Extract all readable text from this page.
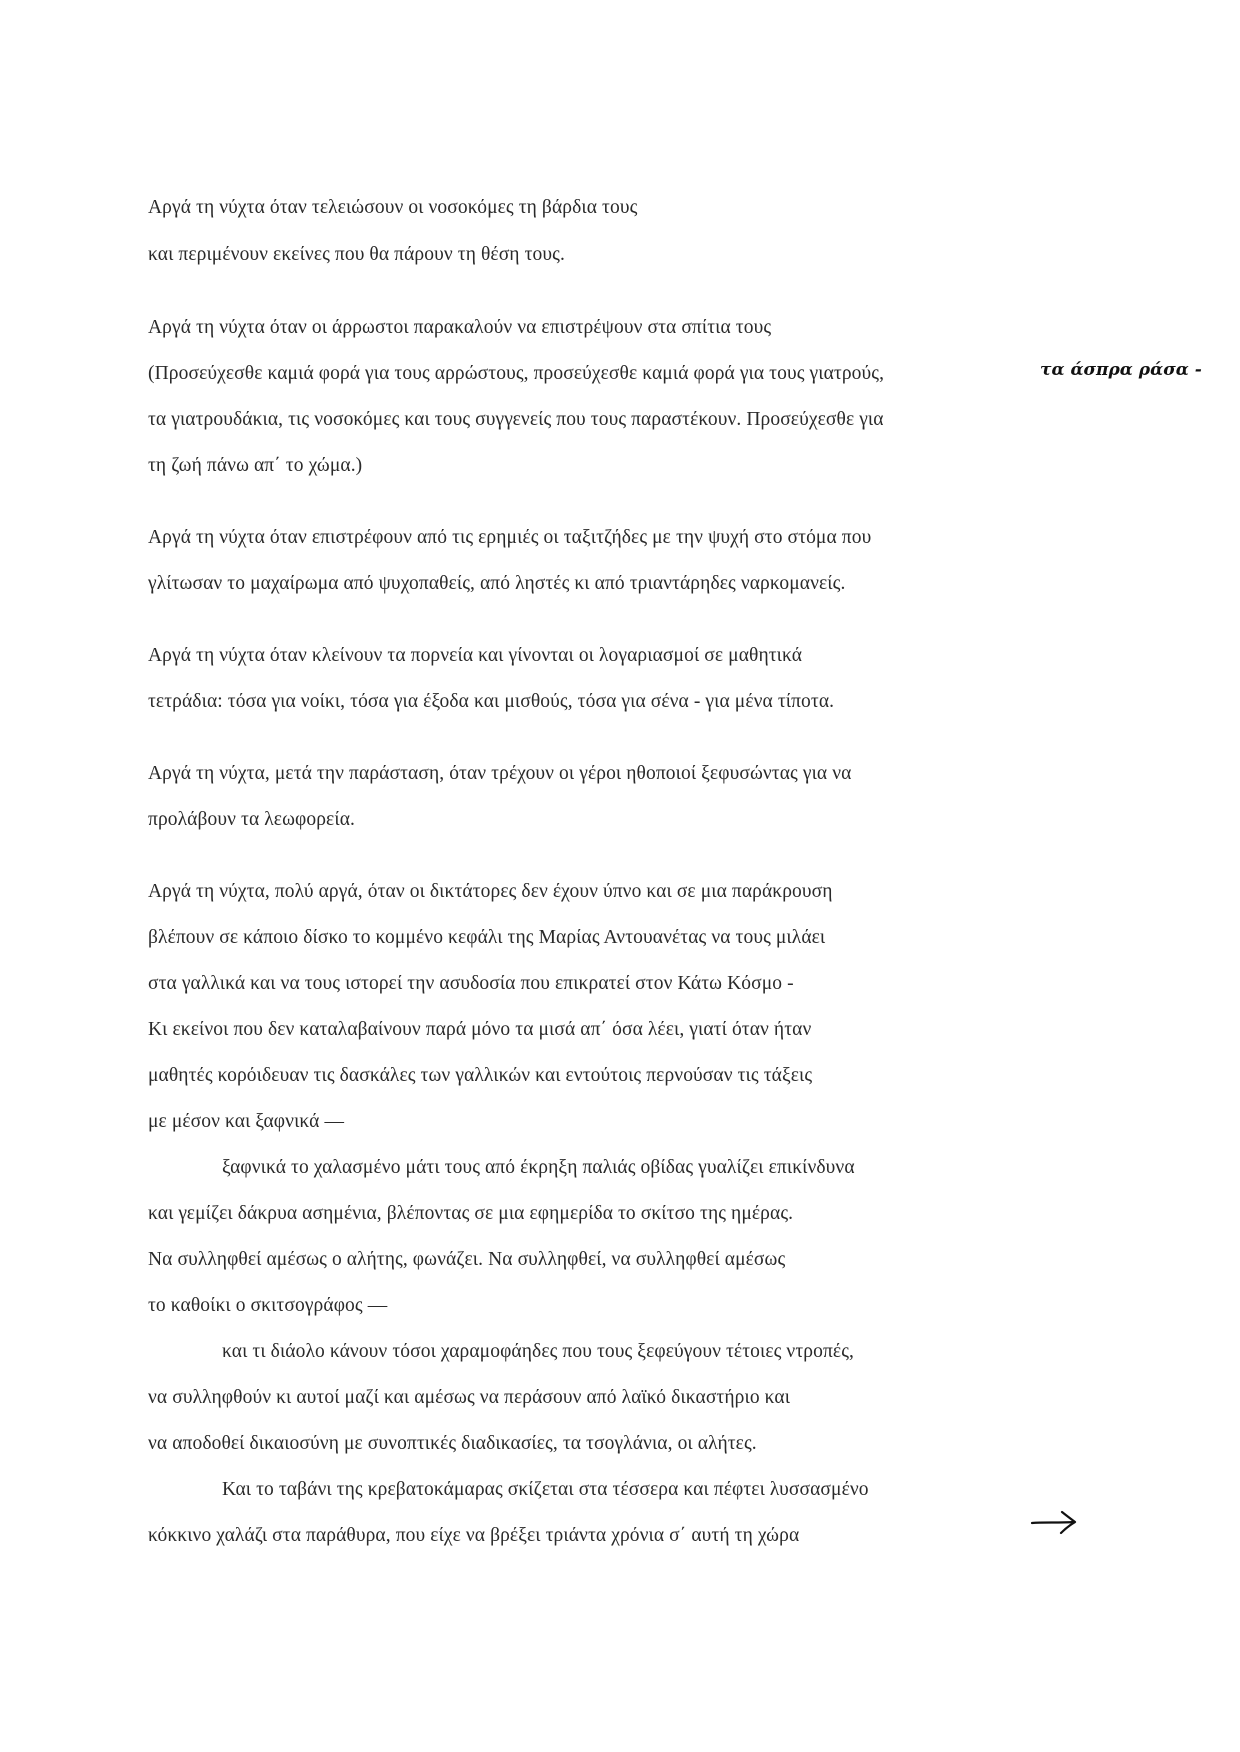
Αργά τη νύχτα όταν τελειώσουν οι νοσοκόμες τη βάρδια τους
και περιμένουν εκείνες που θα πάρουν τη θέση τους.
Αργά τη νύχτα όταν οι άρρωστοι παρακαλούν να επιστρέψουν στα σπίτια τους
(Προσεύχεσθε καμιά φορά για τους αρρώστους, προσεύχεσθε καμιά φορά για τους γιατρούς,	τα άσπρα ράσα -
τα γιατρουδάκια, τις νοσοκόμες και τους συγγενείς που τους παραστέκουν. Προσεύχεσθε για
τη ζωή πάνω απ΄ το χώμα.)
Αργά τη νύχτα όταν επιστρέφουν από τις ερημιές οι ταξιτζήδες με την ψυχή στο στόμα που
γλίτωσαν το μαχαίρωμα από ψυχοπαθείς, από ληστές κι από τριαντάρηδες ναρκομανείς.
Αργά τη νύχτα όταν κλείνουν τα πορνεία και γίνονται οι λογαριασμοί σε μαθητικά
τετράδια: τόσα για νοίκι, τόσα για έξοδα και μισθούς, τόσα για σένα - για μένα τίποτα.
Αργά τη νύχτα, μετά την παράσταση, όταν τρέχουν οι γέροι ηθοποιοί ξεφυσώντας για να
προλάβουν τα λεωφορεία.
Αργά τη νύχτα, πολύ αργά, όταν οι δικτάτορες δεν έχουν ύπνο και σε μια παράκρουση
βλέπουν σε κάποιο δίσκο το κομμένο κεφάλι της Μαρίας Αντουανέτας να τους μιλάει
στα γαλλικά και να τους ιστορεί την ασυδοσία που επικρατεί στον Κάτω Κόσμο -
Κι εκείνοι που δεν καταλαβαίνουν παρά μόνο τα μισά απ΄ όσα λέει, γιατί όταν ήταν
μαθητές κορόιδευαν τις δασκάλες των γαλλικών και εντούτοις περνούσαν τις τάξεις
με μέσον και ξαφνικά —
ξαφνικά το χαλασμένο μάτι τους από έκρηξη παλιάς οβίδας γυαλίζει επικίνδυνα
και γεμίζει δάκρυα ασημένια, βλέποντας σε μια εφημερίδα το σκίτσο της ημέρας.
Να συλληφθεί αμέσως ο αλήτης, φωνάζει. Να συλληφθεί, να συλληφθεί αμέσως
το καθοίκι ο σκιτσογράφος —
και τι διάολο κάνουν τόσοι χαραμοφάηδες που τους ξεφεύγουν τέτοιες ντροπές,
να συλληφθούν κι αυτοί μαζί και αμέσως να περάσουν από λαϊκό δικαστήριο και
να αποδοθεί δικαιοσύνη με συνοπτικές διαδικασίες, τα τσογλάνια, οι αλήτες.
Και το ταβάνι της κρεβατοκάμαρας σκίζεται στα τέσσερα και πέφτει λυσσασμένο
κόκκινο χαλάζι στα παράθυρα, που είχε να βρέξει τριάντα χρόνια σ΄ αυτή τη χώρα
